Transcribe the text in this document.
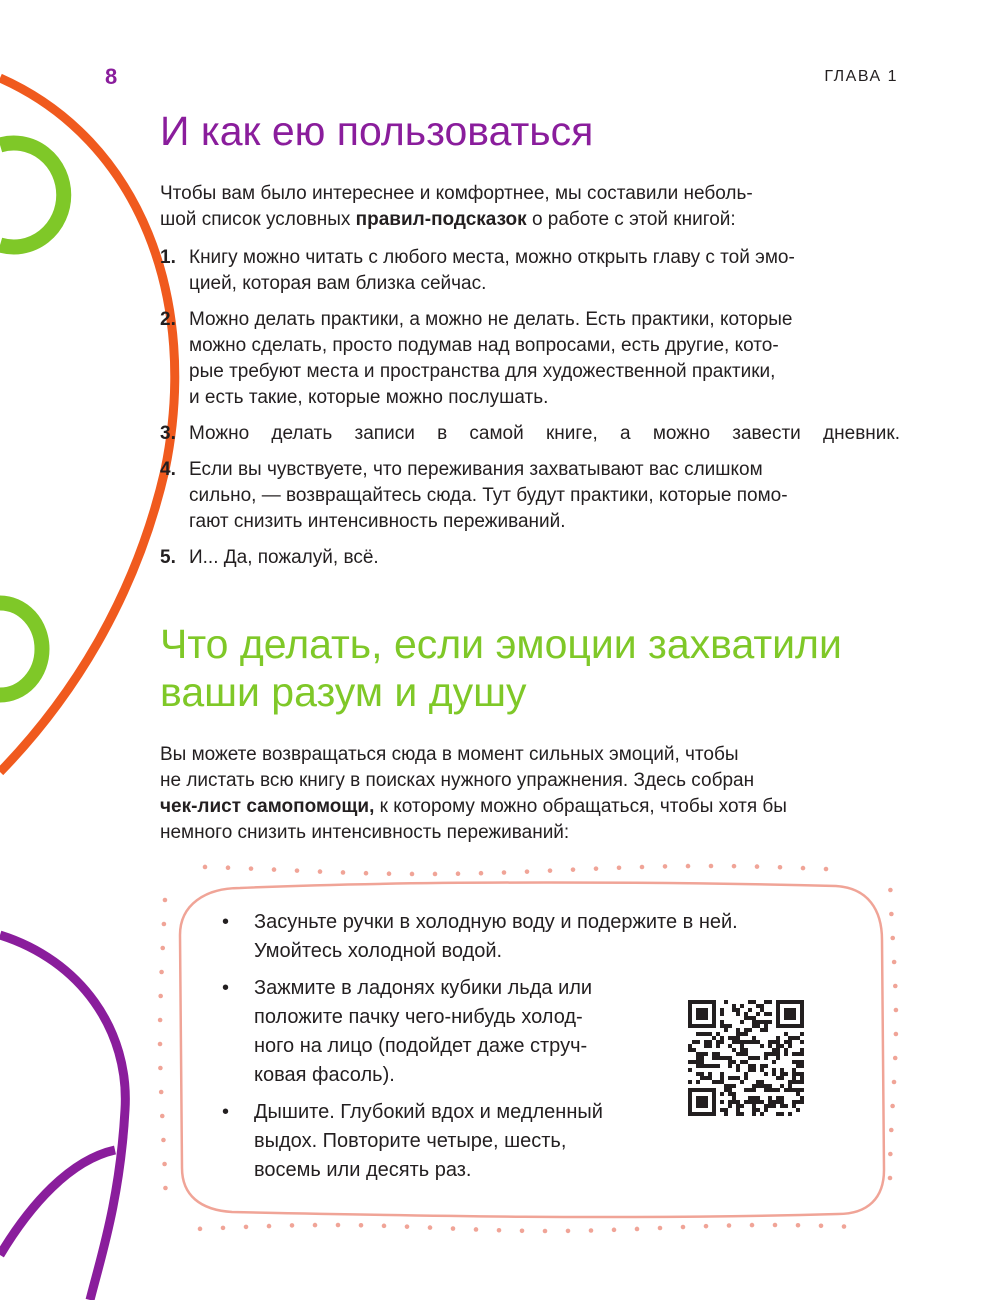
8	ГЛАВА 1
И как ею пользоваться

Чтобы вам было интереснее и комфортнее, мы составили неболь-
шой список условных правил-подсказок о работе с этой книгой:

1. Книгу можно читать с любого места, можно открыть главу с той эмо-
цией, которая вам близка сейчас.
2. Можно делать практики, а можно не делать. Есть практики, которые
можно сделать, просто подумав над вопросами, есть другие, кото-
рые требуют места и пространства для художественной практики,
и есть такие, которые можно послушать.
3. Можно делать записи в самой книге, а можно завести дневник.
4. Если вы чувствуете, что переживания захватывают вас слишком
сильно, — возвращайтесь сюда. Тут будут практики, которые помо-
гают снизить интенсивность переживаний.
5. И... Да, пожалуй, всё.
Что делать, если эмоции захватили
ваши разум и душу

Вы можете возвращаться сюда в момент сильных эмоций, чтобы
не листать всю книгу в поисках нужного упражнения. Здесь собран
чек-лист самопомощи, к которому можно обращаться, чтобы хотя бы
немного снизить интенсивность переживаний:

• Засуньте ручки в холодную воду и подержите в ней.
Умойтесь холодной водой.
• Зажмите в ладонях кубики льда или
положите пачку чего-нибудь холод-
ного на лицо (подойдет даже струч-
ковая фасоль).
• Дышите. Глубокий вдох и медленный
выдох. Повторите четыре, шесть,
восемь или десять раз.
